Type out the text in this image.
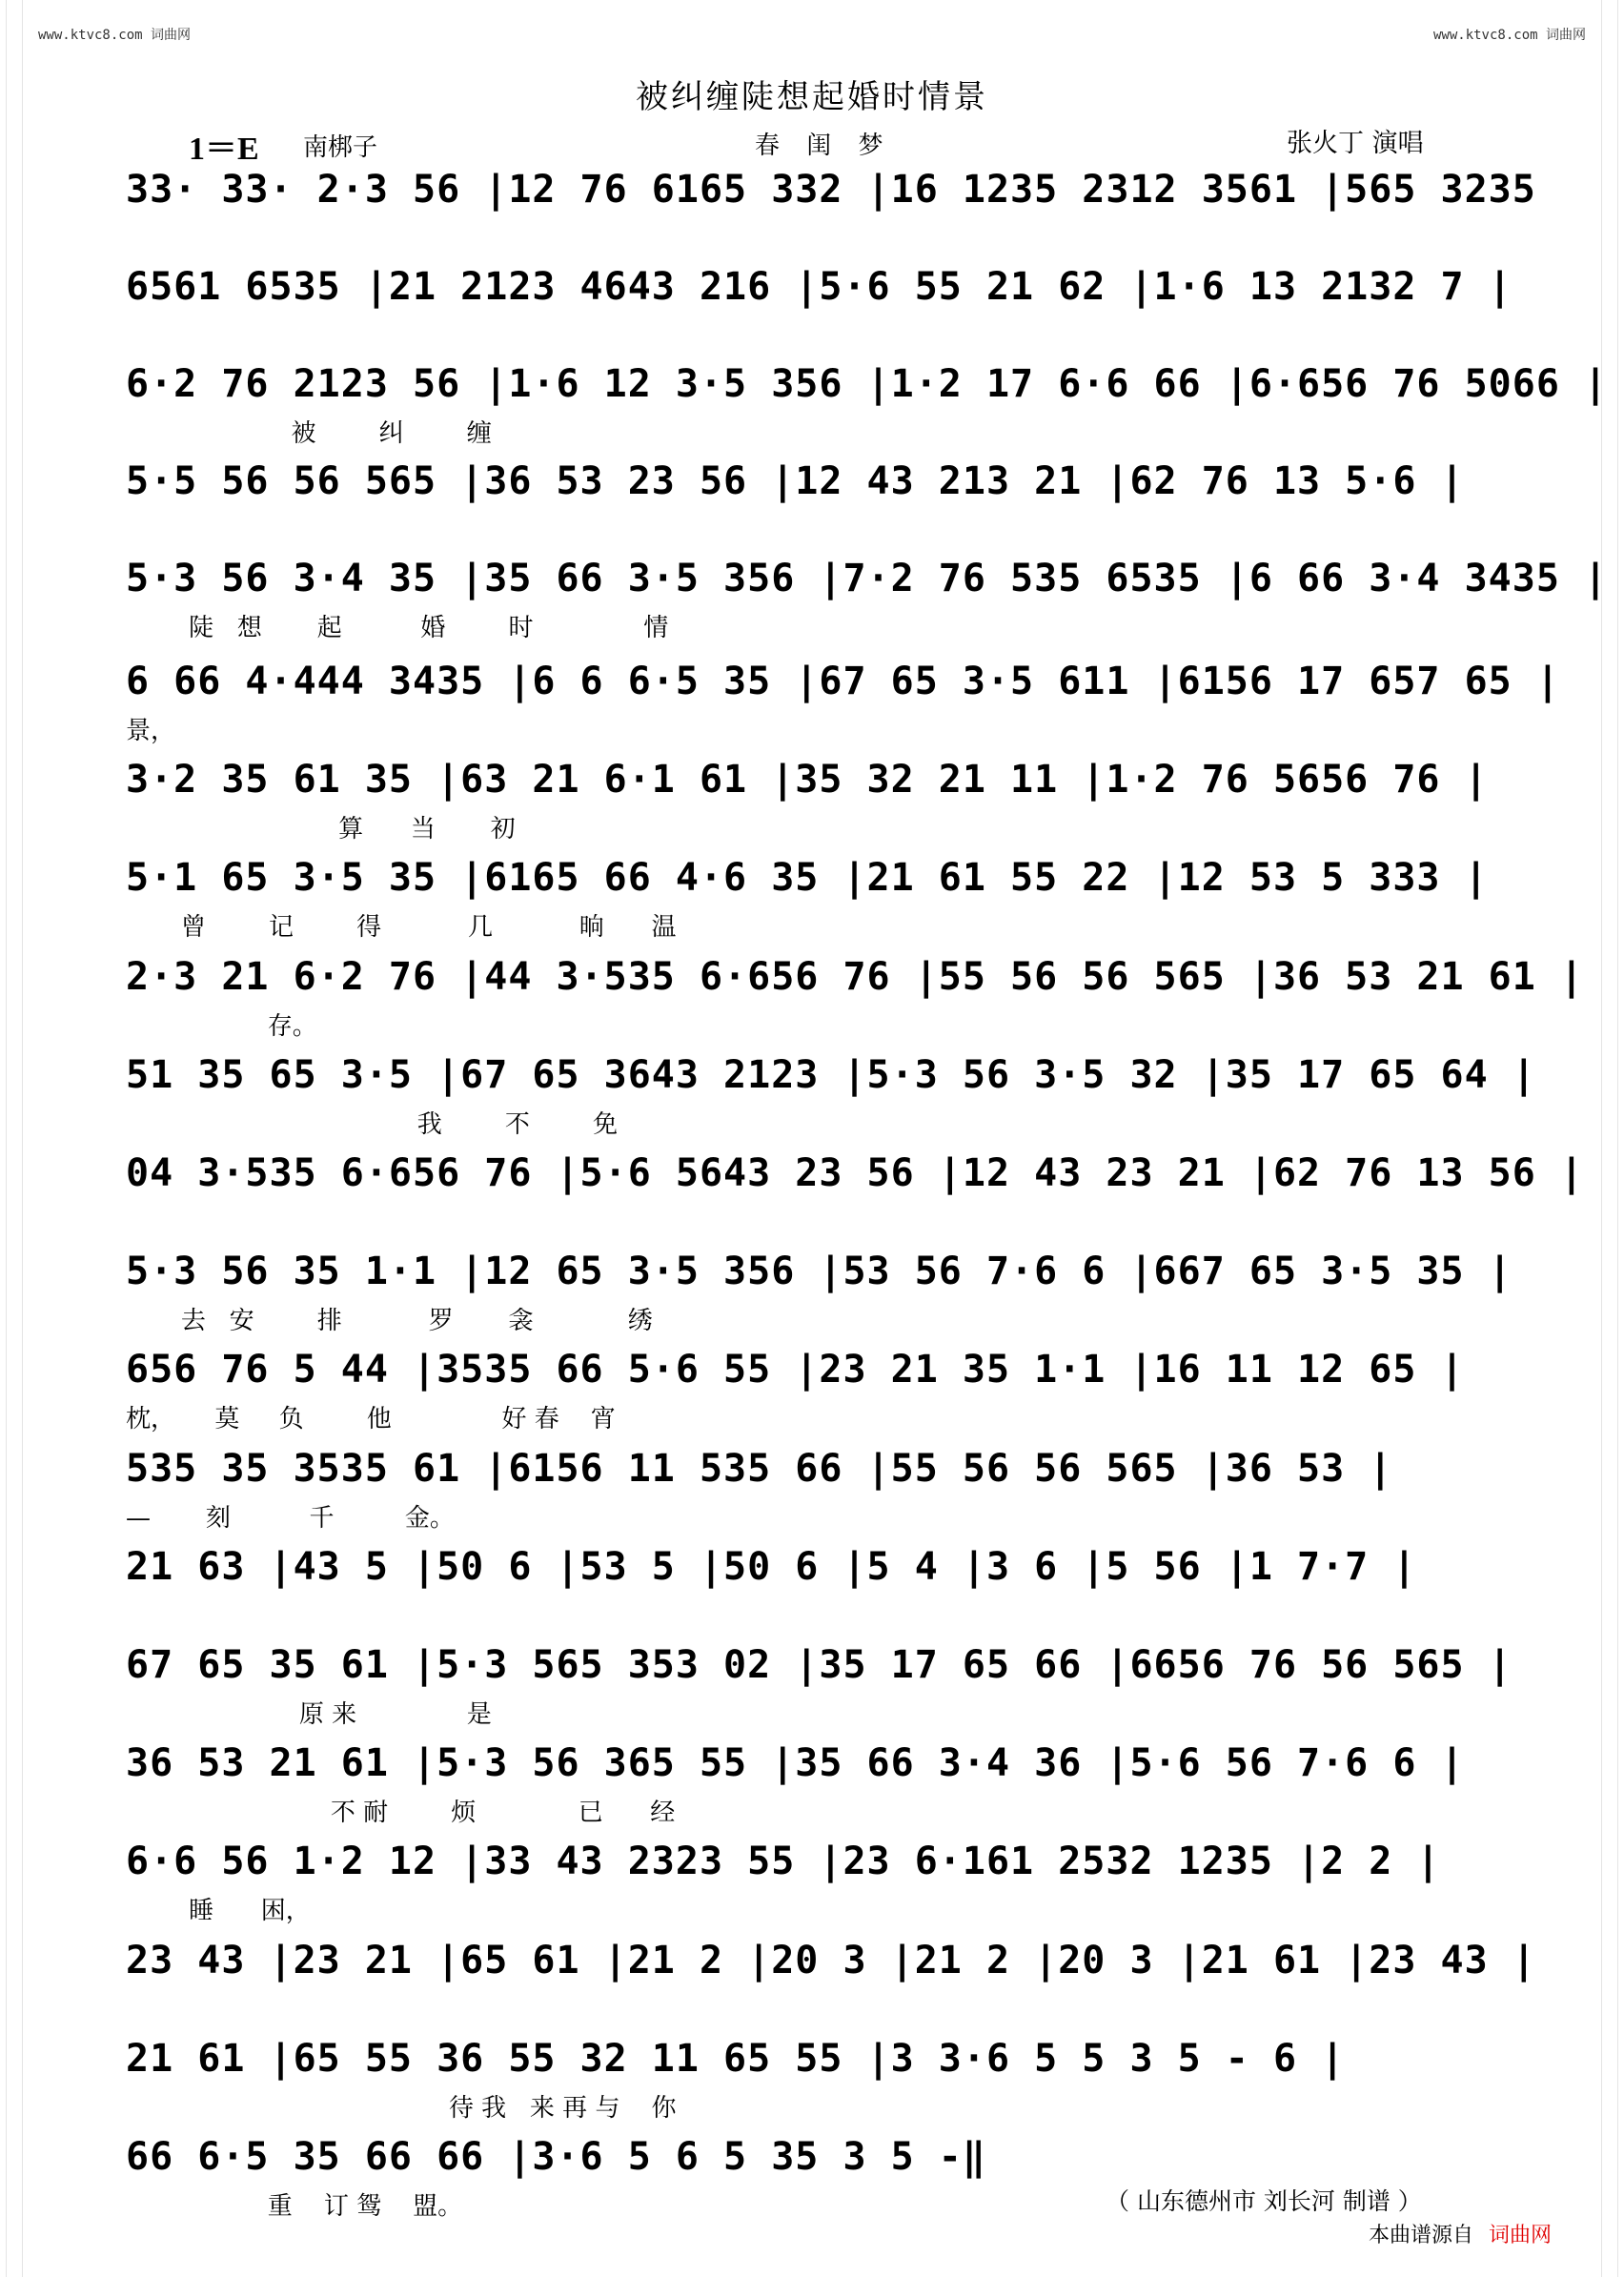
www.ktvc8.com 词曲网	www.ktvc8.com 词曲网
被纠缠陡想起婚时情景
1＝E 南梆子	春 闺 梦	张火丁 演唱
33· 33· 2·3 56 |12 76 6165 332 |16 1235 2312 3561 |565 3235
6561 6535 |21 2123 4643 216 |5·6 55 21 62 |1·6 13 2132 7 |
6·2 76 2123 56 |1·6 12 3·5 356 |1·2 17 6·6 66 |6·656 76 5066 |
被        纠        缠
5·5 56 56 565 |36 53 23 56 |12 43 213 21 |62 76 13 5·6 |
5·3 56 3·4 35 |35 66 3·5 356 |7·2 76 535 6535 |6 66 3·4 3435 |
陡   想       起          婚        时              情
6 66 4·444 3435 |6 6 6·5 35 |67 65 3·5 611 |6156 17 657 65 |
景，
3·2 35 61 35 |63 21 6·1 61 |35 32 21 11 |1·2 76 5656 76 |
算      当       初
5·1 65 3·5 35 |6165 66 4·6 35 |21 61 55 22 |12 53 5 333 |
曾        记        得           几           晌      温
2·3 21 6·2 76 |44 3·535 6·656 76 |55 56 56 565 |36 53 21 61 |
存。
51 35 65 3·5 |67 65 3643 2123 |5·3 56 3·5 32 |35 17 65 64 |
我        不        免
04 3·535 6·656 76 |5·6 5643 23 56 |12 43 23 21 |62 76 13 56 |
5·3 56 35 1·1 |12 65 3·5 356 |53 56 7·6 6 |667 65 3·5 35 |
去   安        排           罗       衾            绣
656 76 5 44 |3535 66 5·6 55 |23 21 35 1·1 |16 11 12 65 |
枕，     莫     负        他              好 春    宵
535 35 3535 61 |6156 11 535 66 |55 56 56 565 |36 53 |
—       刻          千         金。
21 63 |43 5 |50 6 |53 5 |50 6 |5 4 |3 6 |5 56 |1 7·7 |
67 65 35 61 |5·3 565 353 02 |35 17 65 66 |6656 76 56 565 |
原 来              是
36 53 21 61 |5·3 56 365 55 |35 66 3·4 36 |5·6 56 7·6 6 |
不 耐        烦             已      经
6·6 56 1·2 12 |33 43 2323 55 |23 6·161 2532 1235 |2 2 |
睡      困，
23 43 |23 21 |65 61 |21 2 |20 3 |21 2 |20 3 |21 61 |23 43 |
21 61 |65 55 36 55 32 11 65 55 |3 3·6 5 5 3 5 - 6 |
待 我   来 再 与    你
66 6·5 35 66 66 |3·6 5 6 5 35 3 5 -‖
重    订 鸳    盟。	（ 山东德州市 刘长河 制谱 ）
本曲谱源自 词曲网
